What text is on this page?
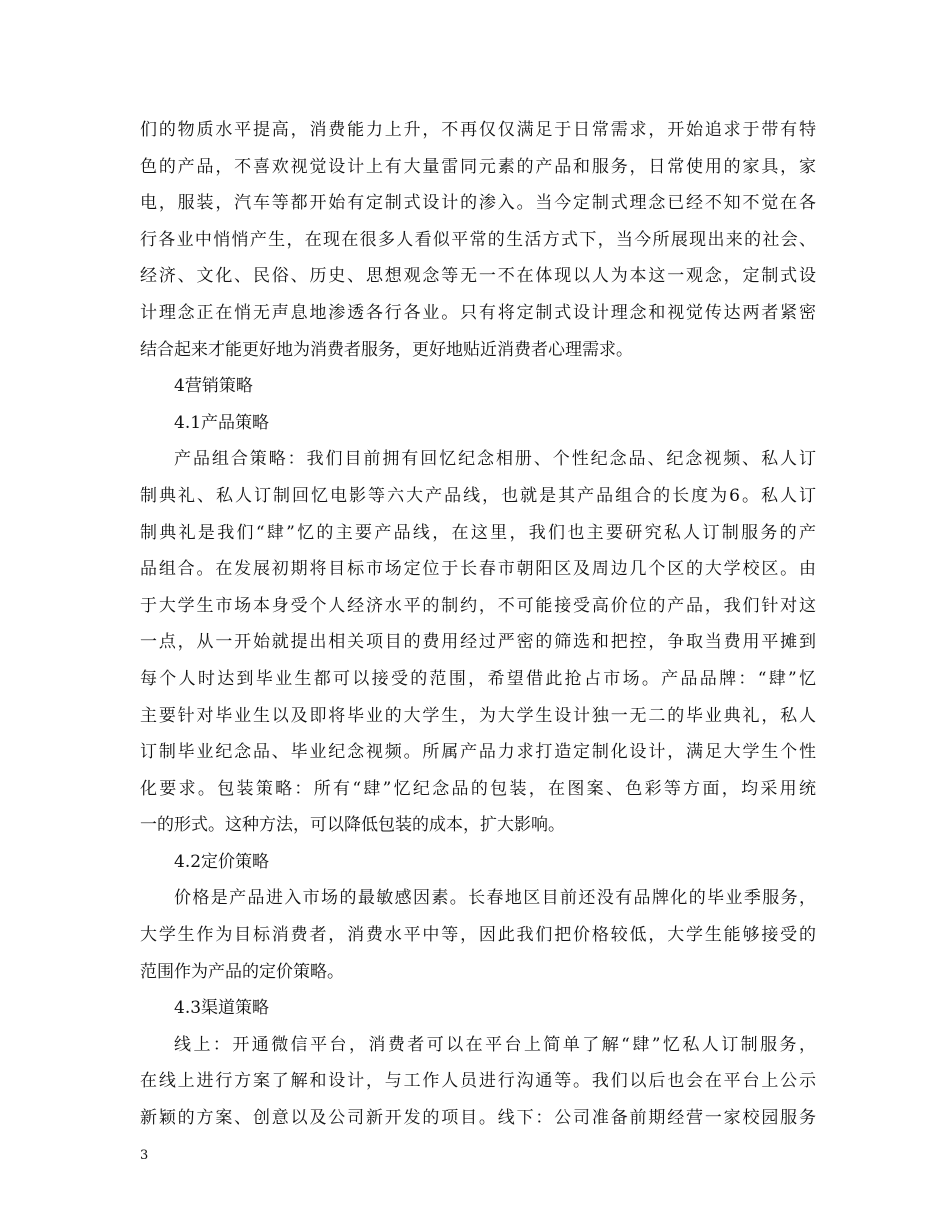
们的物质水平提高，消费能力上升，不再仅仅满足于日常需求，开始追求于带有特
色的产品，不喜欢视觉设计上有大量雷同元素的产品和服务，日常使用的家具，家
电，服装，汽车等都开始有定制式设计的渗入。当今定制式理念已经不知不觉在各
行各业中悄悄产生，在现在很多人看似平常的生活方式下，当今所展现出来的社会、
经济、文化、民俗、历史、思想观念等无一不在体现以人为本这一观念，定制式设
计理念正在悄无声息地渗透各行各业。只有将定制式设计理念和视觉传达两者紧密
结合起来才能更好地为消费者服务，更好地贴近消费者心理需求。
4营销策略
4.1产品策略
产品组合策略：我们目前拥有回忆纪念相册、个性纪念品、纪念视频、私人订
制典礼、私人订制回忆电影等六大产品线，也就是其产品组合的长度为6。私人订
制典礼是我们“肆”忆的主要产品线，在这里，我们也主要研究私人订制服务的产
品组合。在发展初期将目标市场定位于长春市朝阳区及周边几个区的大学校区。由
于大学生市场本身受个人经济水平的制约，不可能接受高价位的产品，我们针对这
一点，从一开始就提出相关项目的费用经过严密的筛选和把控，争取当费用平摊到
每个人时达到毕业生都可以接受的范围，希望借此抢占市场。产品品牌：“肆”忆
主要针对毕业生以及即将毕业的大学生，为大学生设计独一无二的毕业典礼，私人
订制毕业纪念品、毕业纪念视频。所属产品力求打造定制化设计，满足大学生个性
化要求。包装策略：所有“肆”忆纪念品的包装，在图案、色彩等方面，均采用统
一的形式。这种方法，可以降低包装的成本，扩大影响。
4.2定价策略
价格是产品进入市场的最敏感因素。长春地区目前还没有品牌化的毕业季服务，
大学生作为目标消费者，消费水平中等，因此我们把价格较低，大学生能够接受的
范围作为产品的定价策略。
4.3渠道策略
线上：开通微信平台，消费者可以在平台上简单了解“肆”忆私人订制服务，
在线上进行方案了解和设计，与工作人员进行沟通等。我们以后也会在平台上公示
新颖的方案、创意以及公司新开发的项目。线下：公司准备前期经营一家校园服务
3
